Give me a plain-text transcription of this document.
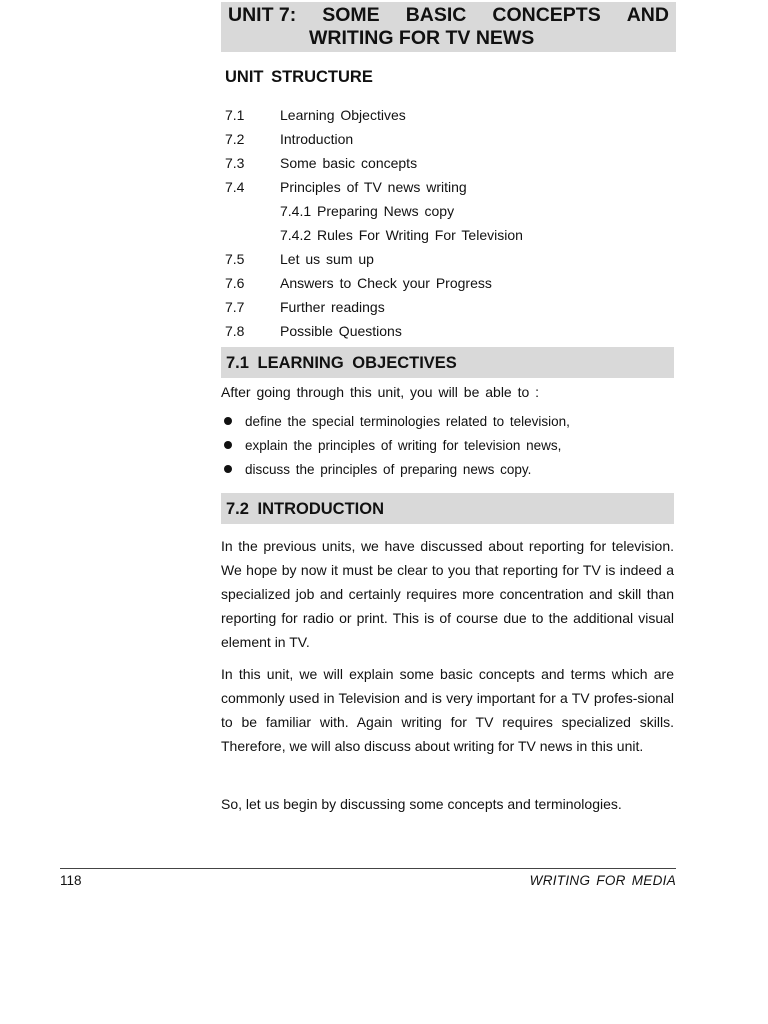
UNIT 7: SOME BASIC CONCEPTS AND
WRITING FOR TV NEWS
UNIT STRUCTURE
7.1	Learning Objectives
7.2	Introduction
7.3	Some basic concepts
7.4	Principles of TV news writing
7.4.1 Preparing News copy
7.4.2 Rules For Writing For Television
7.5	Let us sum up
7.6	Answers to Check your Progress
7.7	Further readings
7.8	Possible Questions
7.1 LEARNING OBJECTIVES
After going through this unit, you will be able to :
define the special terminologies related to television,
explain the principles of writing for television news,
discuss the principles of preparing news copy.
7.2 INTRODUCTION

In the previous units, we have discussed about reporting for television. We hope by now it must be clear to you that reporting for TV is indeed a specialized job and certainly requires more concentration and skill than reporting for radio or print. This is of course due to the additional visual element in TV.

In this unit, we will explain some basic concepts and terms which are commonly used in Television and is very important for a TV profes-sional to be familiar with. Again writing for TV requires specialized skills. Therefore, we will also discuss about writing for TV news in this unit.

So, let us begin by discussing some concepts and terminologies.

118	WRITING FOR MEDIA
